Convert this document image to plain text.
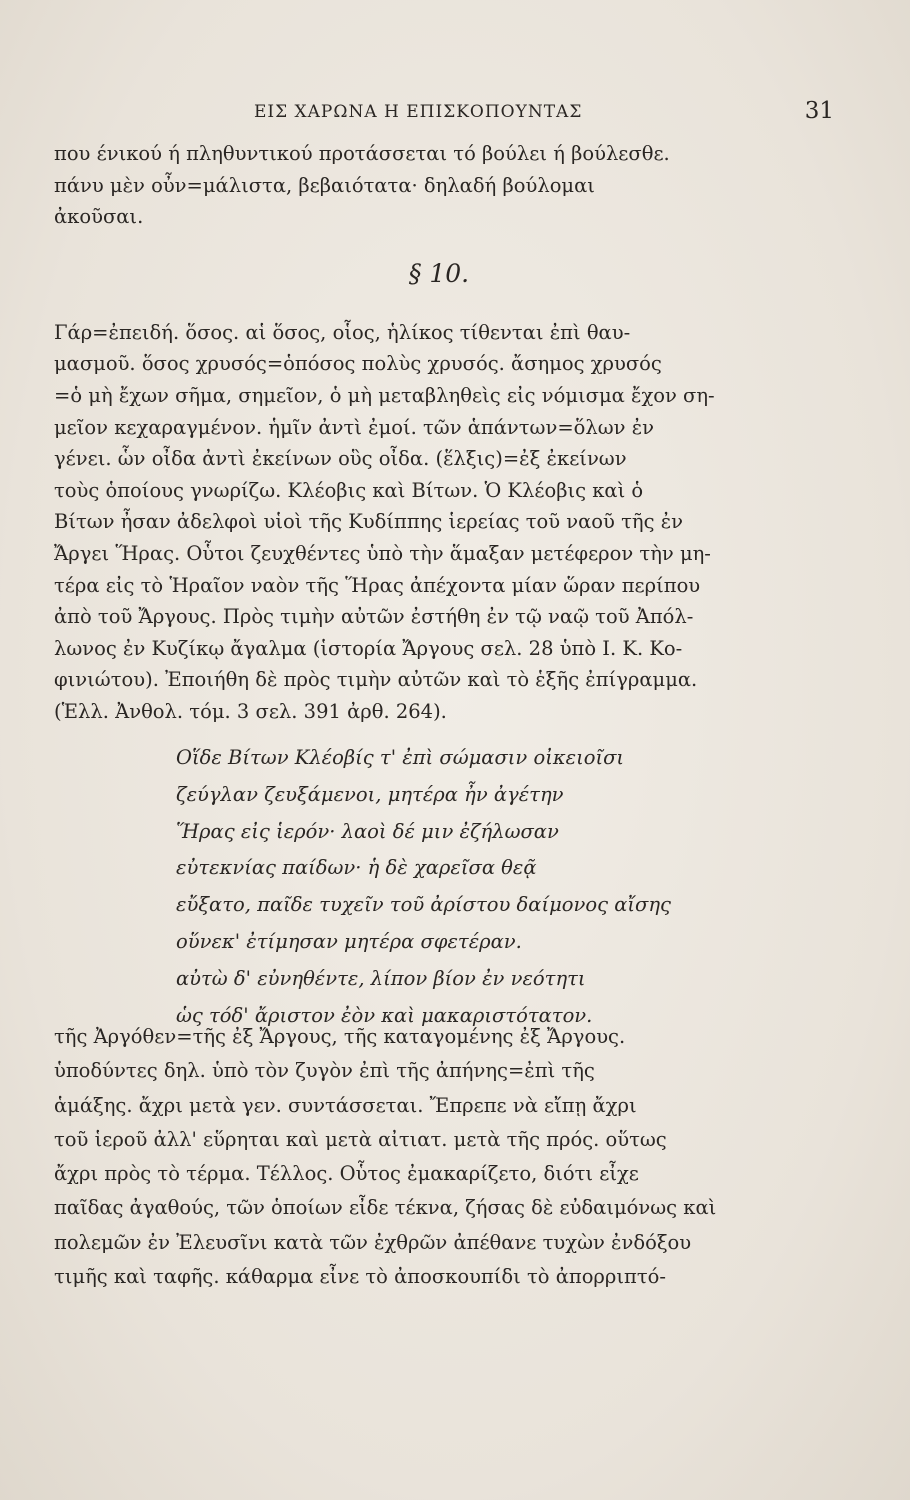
ΕΙΣ ΧΑΡΩΝΑ Η ΕΠΙΣΚΟΠΟΥΝΤΑΣ	31
που ένικού ή πληθυντικού προτάσσεται τό βούλει ή βούλεσθε.
πάνυ μὲν οὖν=μάλιστα, βεβαιότατα· δηλαδή βούλομαι
ἀκοῦσαι.
§ 10.
Γάρ=ἐπειδή. ὅσος. αἱ ὅσος, οἷος, ἡλίκος τίθενται ἐπὶ θαυ-
μασμοῦ. ὅσος χρυσός=ὁπόσος πολὺς χρυσός. ἄσημος χρυσός
=ὁ μὴ ἔχων σῆμα, σημεῖον, ὁ μὴ μεταβληθεὶς εἰς νόμισμα ἔχον ση-
μεῖον κεχαραγμένον. ἡμῖν ἀντὶ ἐμοί. τῶν ἁπάντων=ὅλων ἐν
γένει. ὧν οἶδα ἀντὶ ἐκείνων οὓς οἶδα. (ἕλξις)=ἐξ ἐκείνων
τοὺς ὁποίους γνωρίζω. Κλέοβις καὶ Βίτων. Ὁ Κλέοβις καὶ ὁ
Βίτων ἦσαν ἀδελφοὶ υἱοὶ τῆς Κυδίππης ἱερείας τοῦ ναοῦ τῆς ἐν
Ἄργει Ἥρας. Οὗτοι ζευχθέντες ὑπὸ τὴν ἅμαξαν μετέφερον τὴν μη-
τέρα εἰς τὸ Ἡραῖον ναὸν τῆς Ἥρας ἀπέχοντα μίαν ὥραν περίπου
ἀπὸ τοῦ Ἄργους. Πρὸς τιμὴν αὐτῶν ἐστήθη ἐν τῷ ναῷ τοῦ Ἀπόλ-
λωνος ἐν Κυζίκῳ ἄγαλμα (ἱστορία Ἄργους σελ. 28 ὑπὸ Ι. Κ. Κο-
φινιώτου). Ἐποιήθη δὲ πρὸς τιμὴν αὐτῶν καὶ τὸ ἑξῆς ἐπίγραμμα.
(Ἑλλ. Ἀνθολ. τόμ. 3 σελ. 391 ἀρθ. 264).
Οἵδε Βίτων Κλέοβίς τ' ἐπὶ σώμασιν οἰκειοῖσι
ζεύγλαν ζευξάμενοι, μητέρα ἦν ἀγέτην
Ἥρας εἰς ἱερόν· λαοὶ δέ μιν ἐζήλωσαν
εὐτεκνίας παίδων· ἡ δὲ χαρεῖσα θεᾷ
εὔξατο, παῖδε τυχεῖν τοῦ ἀρίστου δαίμονος αἴσης
οὕνεκ' ἐτίμησαν μητέρα σφετέραν.
αὐτὼ δ' εὐνηθέντε, λίπον βίον ἐν νεότητι
ὡς τόδ' ἄριστον ἐὸν καὶ μακαριστότατον.
τῆς Ἀργόθεν=τῆς ἐξ Ἄργους, τῆς καταγομένης ἐξ Ἄργους.
ὑποδύντες δηλ. ὑπὸ τὸν ζυγὸν ἐπὶ τῆς ἀπήνης=ἐπὶ τῆς
ἁμάξης. ἄχρι μετὰ γεν. συντάσσεται. Ἔπρεπε νὰ εἴπῃ ἄχρι
τοῦ ἱεροῦ ἀλλ' εὕρηται καὶ μετὰ αἰτιατ. μετὰ τῆς πρός. οὕτως
ἄχρι πρὸς τὸ τέρμα. Τέλλος. Οὗτος ἐμακαρίζετο, διότι εἶχε
παῖδας ἀγαθούς, τῶν ὁποίων εἶδε τέκνα, ζήσας δὲ εὐδαιμόνως καὶ
πολεμῶν ἐν Ἐλευσῖνι κατὰ τῶν ἐχθρῶν ἀπέθανε τυχὼν ἐνδόξου
τιμῆς καὶ ταφῆς. κάθαρμα εἶνε τὸ ἀποσκουπίδι τὸ ἀπορριπτό-
